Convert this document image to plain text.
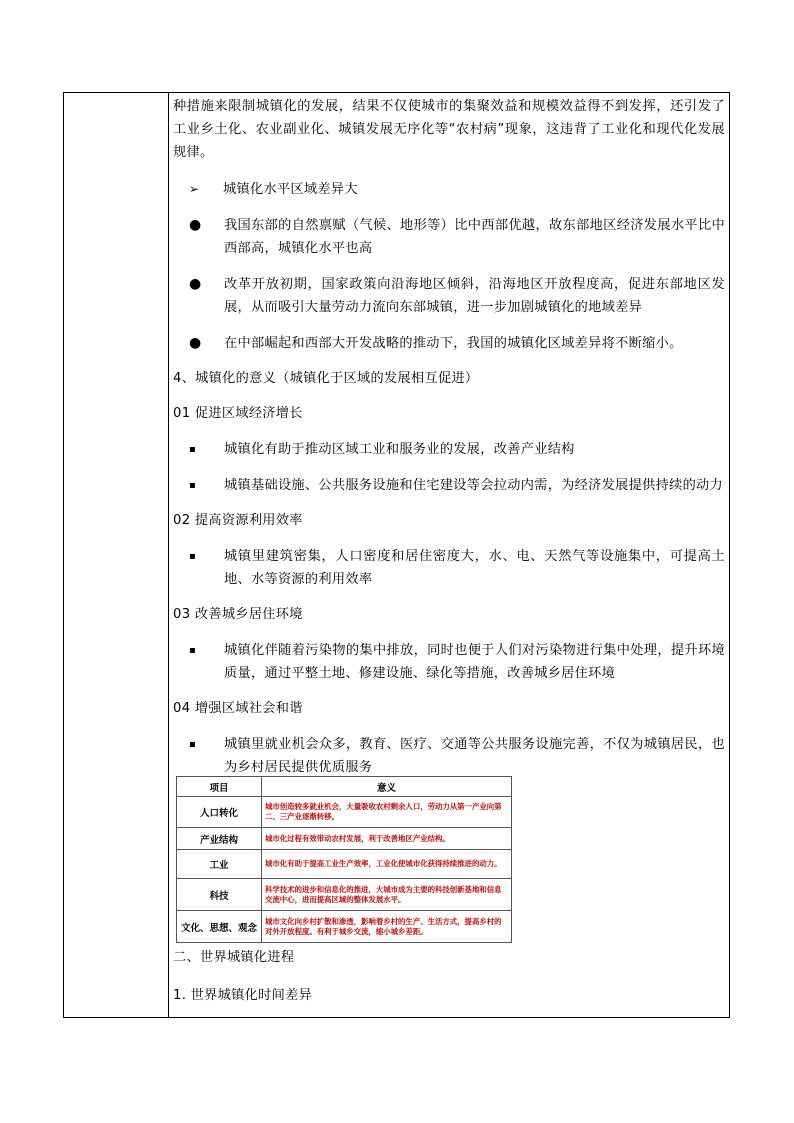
种措施来限制城镇化的发展，结果不仅使城市的集聚效益和规模效益得不到发挥，还引发了工业乡土化、农业副业化、城镇发展无序化等“农村病”现象，这违背了工业化和现代化发展规律。

➢	城镇化水平区域差异大
●	我国东部的自然禀赋（气候、地形等）比中西部优越，故东部地区经济发展水平比中西部高，城镇化水平也高
●	改革开放初期，国家政策向沿海地区倾斜，沿海地区开放程度高，促进东部地区发展，从而吸引大量劳动力流向东部城镇，进一步加剧城镇化的地域差异
●	在中部崛起和西部大开发战略的推动下，我国的城镇化区域差异将不断缩小。

4、城镇化的意义（城镇化于区域的发展相互促进）

01 促进区域经济增长

▪	城镇化有助于推动区域工业和服务业的发展，改善产业结构
▪	城镇基础设施、公共服务设施和住宅建设等会拉动内需，为经济发展提供持续的动力

02 提高资源利用效率

▪	城镇里建筑密集，人口密度和居住密度大，水、电、天然气等设施集中，可提高土地、水等资源的利用效率

03 改善城乡居住环境

▪	城镇化伴随着污染物的集中排放，同时也便于人们对污染物进行集中处理，提升环境质量，通过平整土地、修建设施、绿化等措施，改善城乡居住环境

04 增强区域社会和谐

▪	城镇里就业机会众多，教育、医疗、交通等公共服务设施完善，不仅为城镇居民，也为乡村居民提供优质服务
项目	意义
人口转化	城市创造较多就业机会，大量吸收农村剩余人口，劳动力从第一产业向第二、三产业逐渐转移。
产业结构	城市化过程有效带动农村发展，利于改善地区产业结构。
工业	城市化有助于提高工业生产效率，工业化使城市化获得持续推进的动力。
科技	科学技术的进步和信息化的推进，大城市成为主要的科技创新基地和信息交流中心，进而提高区域的整体发展水平。
文化、思想、观念	城市文化向乡村扩散和渗透，影响着乡村的生产、生活方式，提高乡村的对外开放程度。有利于城乡交流，缩小城乡差距。

二、世界城镇化进程

1. 世界城镇化时间差异
